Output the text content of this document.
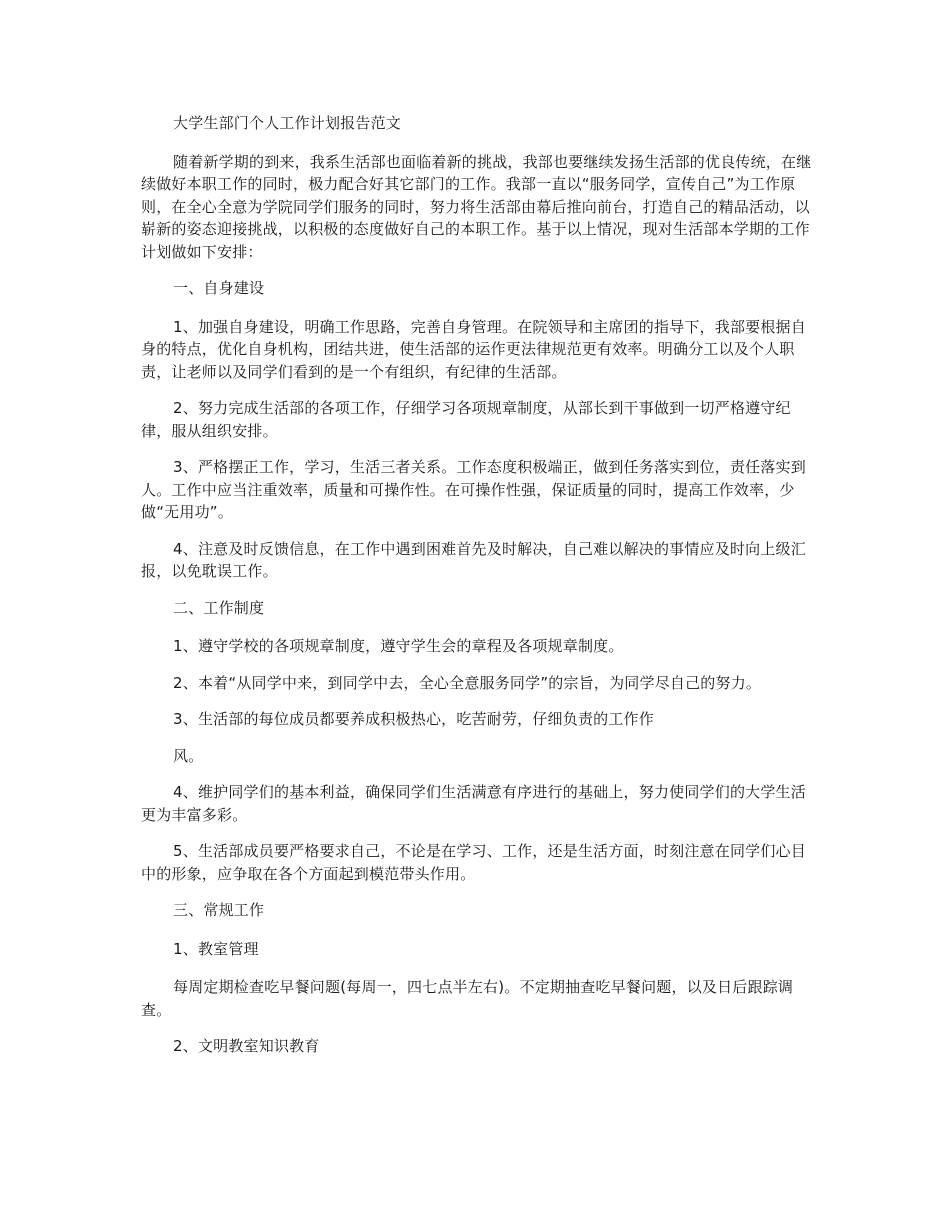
大学生部门个人工作计划报告范文

随着新学期的到来，我系生活部也面临着新的挑战，我部也要继续发扬生活部的优良传统，在继续做好本职工作的同时，极力配合好其它部门的工作。我部一直以“服务同学，宣传自己”为工作原则，在全心全意为学院同学们服务的同时，努力将生活部由幕后推向前台，打造自己的精品活动，以崭新的姿态迎接挑战，以积极的态度做好自己的本职工作。基于以上情况，现对生活部本学期的工作计划做如下安排：

一、自身建设

1、加强自身建设，明确工作思路，完善自身管理。在院领导和主席团的指导下，我部要根据自身的特点，优化自身机构，团结共进，使生活部的运作更法律规范更有效率。明确分工以及个人职责，让老师以及同学们看到的是一个有组织，有纪律的生活部。

2、努力完成生活部的各项工作，仔细学习各项规章制度，从部长到干事做到一切严格遵守纪律，服从组织安排。

3、严格摆正工作，学习，生活三者关系。工作态度积极端正，做到任务落实到位，责任落实到人。工作中应当注重效率，质量和可操作性。在可操作性强，保证质量的同时，提高工作效率，少做“无用功”。

4、注意及时反馈信息，在工作中遇到困难首先及时解决，自己难以解决的事情应及时向上级汇报，以免耽误工作。

二、工作制度

1、遵守学校的各项规章制度，遵守学生会的章程及各项规章制度。

2、本着“从同学中来，到同学中去，全心全意服务同学”的宗旨，为同学尽自己的努力。

3、生活部的每位成员都要养成积极热心，吃苦耐劳，仔细负责的工作作

风。

4、维护同学们的基本利益，确保同学们生活满意有序进行的基础上，努力使同学们的大学生活更为丰富多彩。

5、生活部成员要严格要求自己，不论是在学习、工作，还是生活方面，时刻注意在同学们心目中的形象，应争取在各个方面起到模范带头作用。

三、常规工作

1、教室管理

每周定期检查吃早餐问题(每周一，四七点半左右)。不定期抽查吃早餐问题，以及日后跟踪调查。

2、文明教室知识教育
